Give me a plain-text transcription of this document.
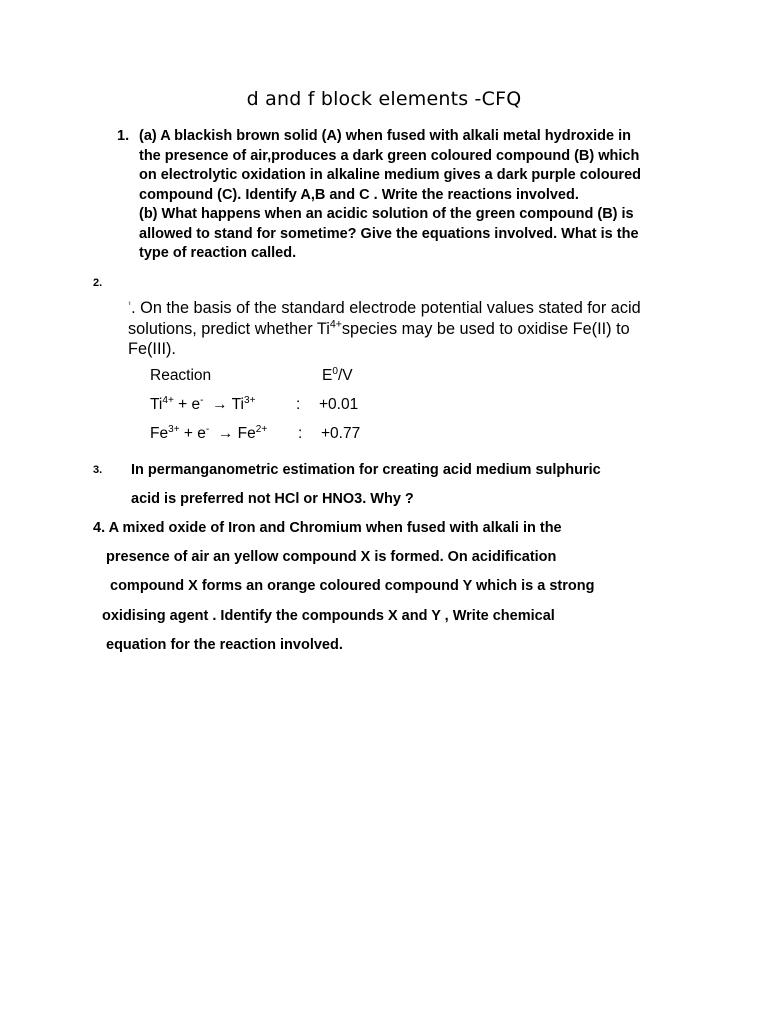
d and f block elements -CFQ
1. (a) A blackish brown solid (A) when fused with alkali metal hydroxide in
the presence of air,produces a dark green coloured compound (B) which
on electrolytic oxidation in alkaline medium gives a dark purple coloured
compound (C). Identify A,B and C . Write the reactions involved.
(b) What happens when an acidic solution of the green compound (B) is
allowed to stand for sometime? Give the equations involved. What is the
type of reaction called.
2.
'. On the basis of the standard electrode potential values stated for acid
solutions, predict whether $Ti^{4+}species$ may be used to oxidise Fe(II) to
Fe(III).
Reaction	$E^0/V$
$Ti^{4+} + e^- \to Ti^{3+}$	: +0.01
$Fe^{3+} + e^- \to Fe^{2+}$ : +0.77
3. In permanganometric estimation for creating acid medium sulphuric
acid is preferred not HCl or HNO3. Why ?
4. A mixed oxide of Iron and Chromium when fused with alkali in the
presence of air an yellow compound X is formed. On acidification
compound X forms an orange coloured compound Y which is a strong
oxidising agent . Identify the compounds X and Y , Write chemical
equation for the reaction involved.
